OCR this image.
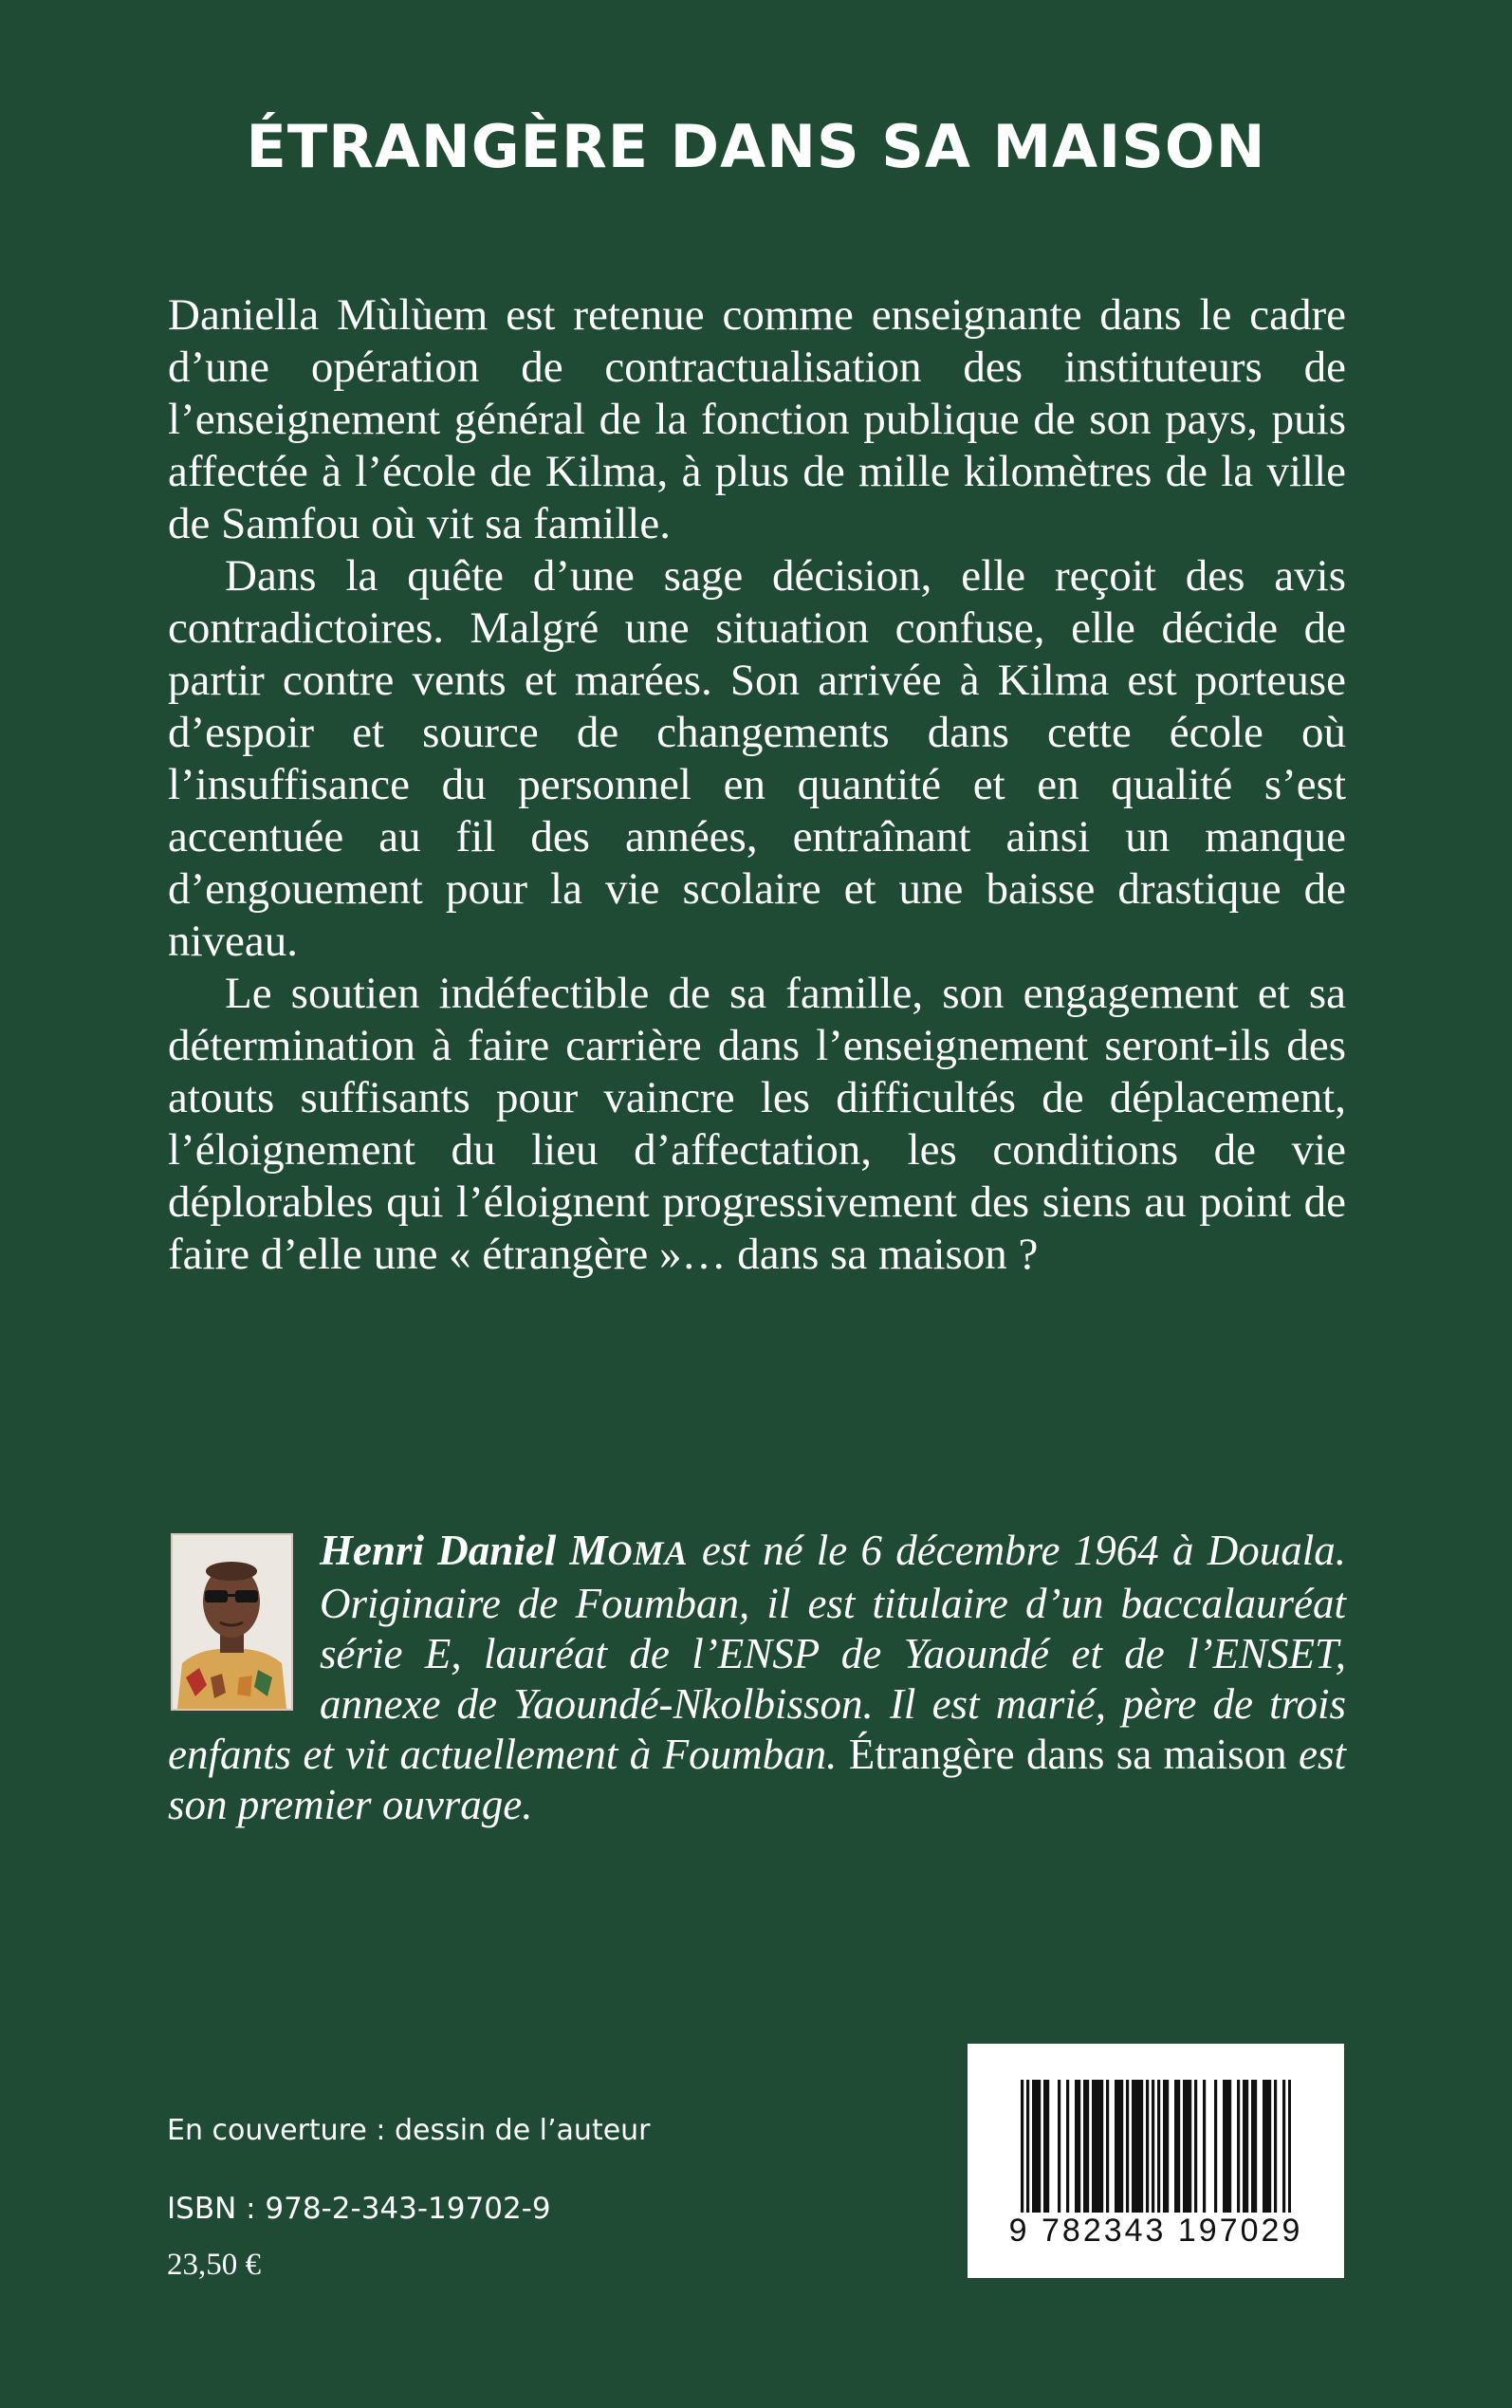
ÉTRANGÈRE DANS SA MAISON

Daniella Mùlùem est retenue comme enseignante dans le cadre d’une opération de contractualisation des instituteurs de l’enseignement général de la fonction publique de son pays, puis affectée à l’école de Kilma, à plus de mille kilomètres de la ville de Samfou où vit sa famille.

Dans la quête d’une sage décision, elle reçoit des avis contradictoires. Malgré une situation confuse, elle décide de partir contre vents et marées. Son arrivée à Kilma est porteuse d’espoir et source de changements dans cette école où l’insuffisance du personnel en quantité et en qualité s’est accentuée au fil des années, entraînant ainsi un manque d’engouement pour la vie scolaire et une baisse drastique de niveau.

Le soutien indéfectible de sa famille, son engagement et sa détermination à faire carrière dans l’enseignement seront-ils des atouts suffisants pour vaincre les difficultés de déplacement, l’éloignement du lieu d’affectation, les conditions de vie déplorables qui l’éloignent progressivement des siens au point de faire d’elle une « étrangère »… dans sa maison ?

Henri Daniel MOMA est né le 6 décembre 1964 à Douala. Originaire de Foumban, il est titulaire d’un baccalauréat série E, lauréat de l’ENSP de Yaoundé et de l’ENSET, annexe de Yaoundé-Nkolbisson. Il est marié, père de trois enfants et vit actuellement à Foumban. Étrangère dans sa maison est son premier ouvrage.

En couverture : dessin de l’auteur

ISBN : 978-2-343-19702-9

23,50 €

9 782343 197029
